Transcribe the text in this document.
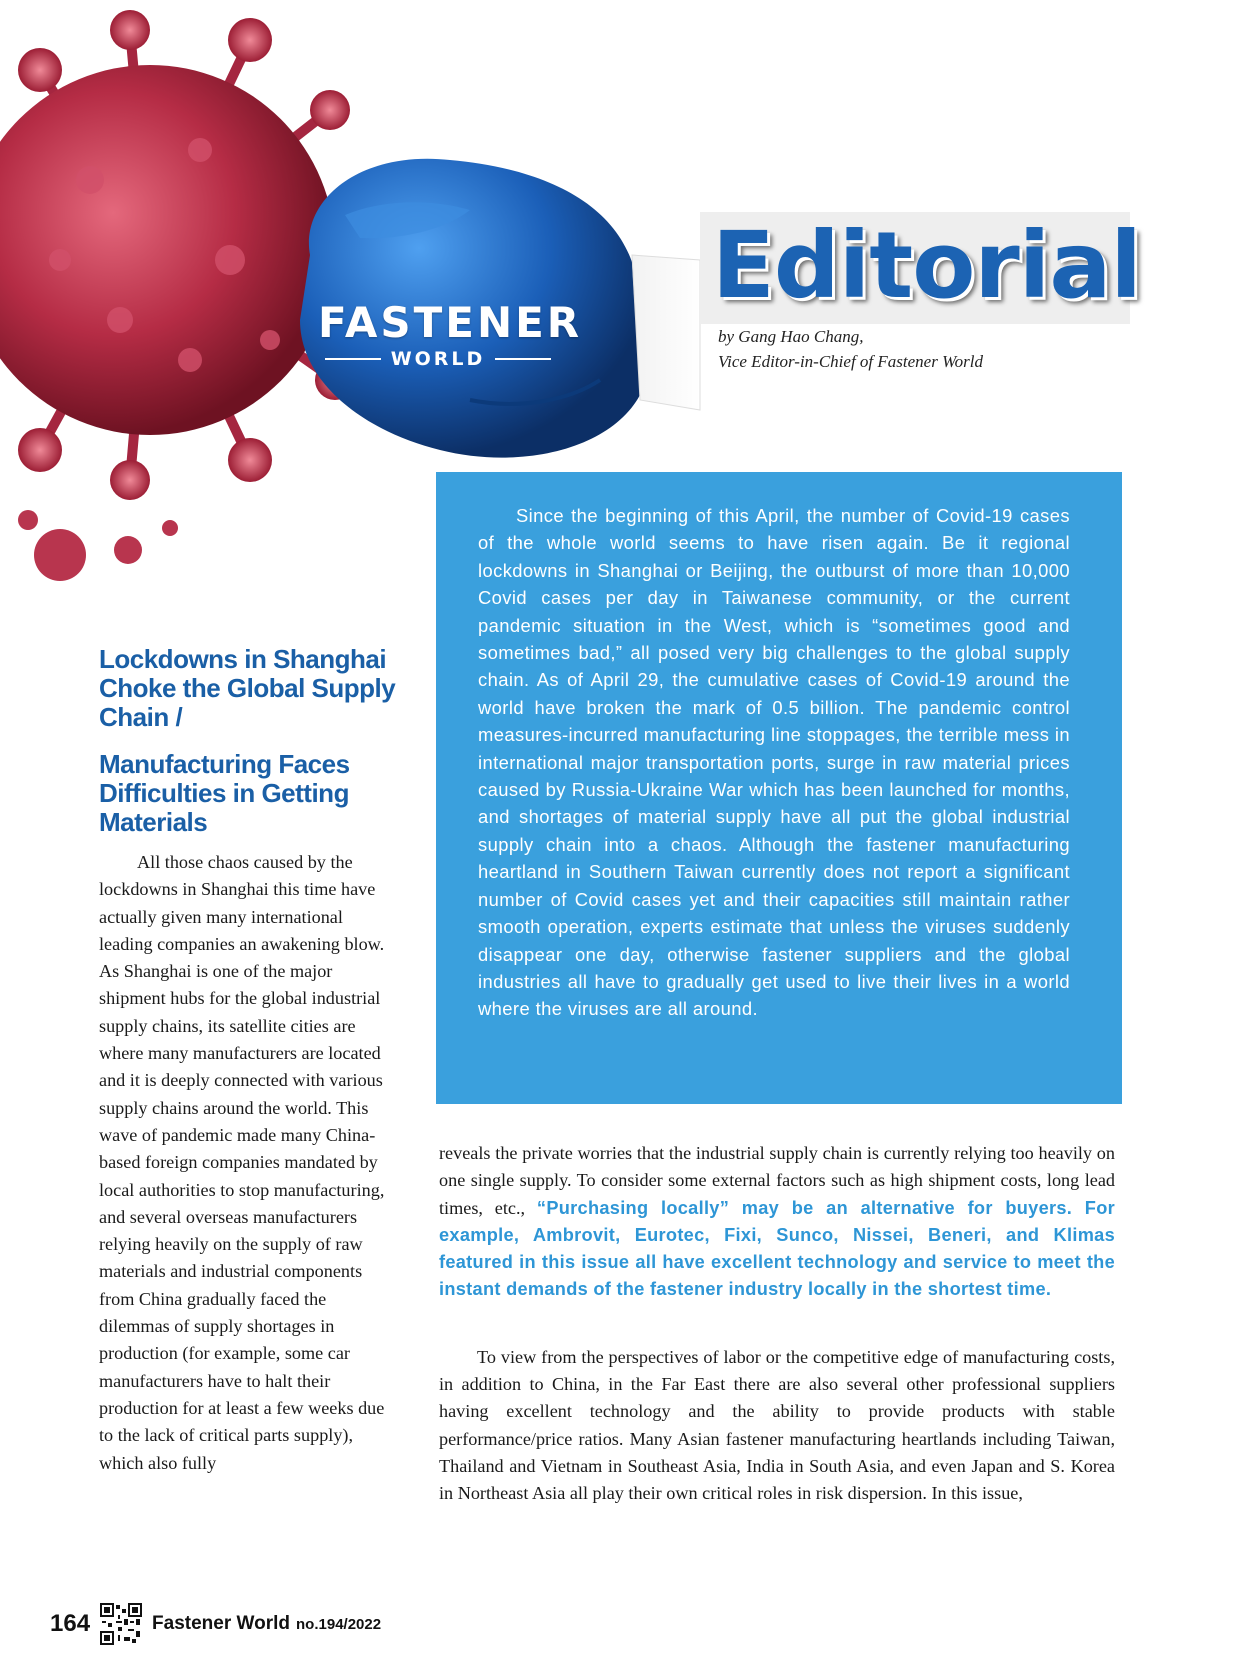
FASTENER
WORLD
Editorial
by Gang Hao Chang,
Vice Editor-in-Chief of Fastener World

Since the beginning of this April, the number of Covid-19 cases of the whole world seems to have risen again. Be it regional lockdowns in Shanghai or Beijing, the outburst of more than 10,000 Covid cases per day in Taiwanese community, or the current pandemic situation in the West, which is “sometimes good and sometimes bad,” all posed very big challenges to the global supply chain. As of April 29, the cumulative cases of Covid-19 around the world have broken the mark of 0.5 billion. The pandemic control measures-incurred manufacturing line stoppages, the terrible mess in international major transportation ports, surge in raw material prices caused by Russia-Ukraine War which has been launched for months, and shortages of material supply have all put the global industrial supply chain into a chaos. Although the fastener manufacturing heartland in Southern Taiwan currently does not report a significant number of Covid cases yet and their capacities still maintain rather smooth operation, experts estimate that unless the viruses suddenly disappear one day, otherwise fastener suppliers and the global industries all have to gradually get used to live their lives in a world where the viruses are all around.

Lockdowns in Shanghai Choke the Global Supply Chain /
Manufacturing Faces Difficulties in Getting Materials

All those chaos caused by the lockdowns in Shanghai this time have actually given many international leading companies an awakening blow. As Shanghai is one of the major shipment hubs for the global industrial supply chains, its satellite cities are where many manufacturers are located and it is deeply connected with various supply chains around the world. This wave of pandemic made many China-based foreign companies mandated by local authorities to stop manufacturing, and several overseas manufacturers relying heavily on the supply of raw materials and industrial components from China gradually faced the dilemmas of supply shortages in production (for example, some car manufacturers have to halt their production for at least a few weeks due to the lack of critical parts supply), which also fully

reveals the private worries that the industrial supply chain is currently relying too heavily on one single supply. To consider some external factors such as high shipment costs, long lead times, etc., “Purchasing locally” may be an alternative for buyers. For example, Ambrovit, Eurotec, Fixi, Sunco, Nissei, Beneri, and Klimas featured in this issue all have excellent technology and service to meet the instant demands of the fastener industry locally in the shortest time.

To view from the perspectives of labor or the competitive edge of manufacturing costs, in addition to China, in the Far East there are also several other professional suppliers having excellent technology and the ability to provide products with stable performance/price ratios. Many Asian fastener manufacturing heartlands including Taiwan, Thailand and Vietnam in Southeast Asia, India in South Asia, and even Japan and S. Korea in Northeast Asia all play their own critical roles in risk dispersion. In this issue,

164	Fastener World no.194/2022
